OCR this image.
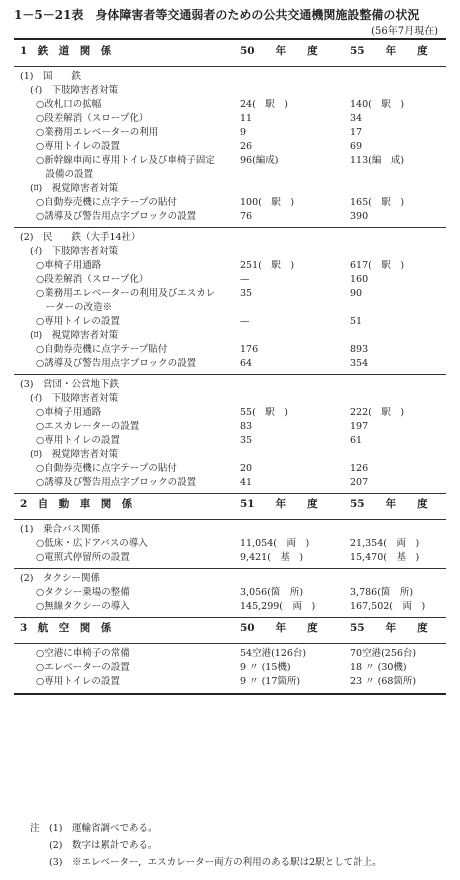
1－5－21表　身体障害者等交通弱者のための公共交通機関施設整備の状況
(56年7月現在)
1　鉄　道　関　係	50　　年　　度	55　　年　　度
(1)　国　　鉄
(ｲ)　下肢障害者対策
○改札口の拡幅	24(　駅　)	140(　駅　)
○段差解消（スロープ化）	11	34
○業務用エレベーターの利用	9	17
○専用トイレの設置	26	69
○新幹線車両に専用トイレ及び車椅子固定	96(編成)	113(編　成)
　設備の設置
(ﾛ)　視覚障害者対策
○自動券売機に点字テープの貼付	100(　駅　)	165(　駅　)
○誘導及び警告用点字ブロックの設置	76	390
(2)　民　　鉄（大手14社）
(ｲ)　下肢障害者対策
○車椅子用通路	251(　駅　)	617(　駅　)
○段差解消（スロープ化）	—	160
○業務用エレベーターの利用及びエスカレ	35	90
　ーターの改造※
○専用トイレの設置	—	51
(ﾛ)　視覚障害者対策
○自動券売機に点字テープ貼付	176	893
○誘導及び警告用点字ブロックの設置	64	354
(3)　営団・公営地下鉄
(ｲ)　下肢障害者対策
○車椅子用通路	55(　駅　)	222(　駅　)
○エスカレーターの設置	83	197
○専用トイレの設置	35	61
(ﾛ)　視覚障害者対策
○自動券売機に点字テープの貼付	20	126
○誘導及び警告用点字ブロックの設置	41	207
2　自　動　車　関　係	51　　年　　度	55　　年　　度
(1)　乗合バス関係
○低床・広ドアバスの導入	11,054(　両　)	21,354(　両　)
○電照式停留所の設置	9,421(　基　)	15,470(　基　)
(2)　タクシー関係
○タクシー乗場の整備	3,056(箇　所)	3,786(箇　所)
○無線タクシーの導入	145,299(　両　)	167,502(　両　)
3　航　空　関　係	50　　年　　度	55　　年　　度
○空港に車椅子の常備	54空港(126台)	70空港(256台)
○エレベーターの設置	9 〃 (15機)	18 〃 (30機)
○専用トイレの設置	9 〃 (17箇所)	23 〃 (68箇所)
注　(1)　運輸省調べである。
　　(2)　数字は累計である。
　　(3)　※エレベーター，エスカレーター両方の利用のある駅は2駅として計上。
